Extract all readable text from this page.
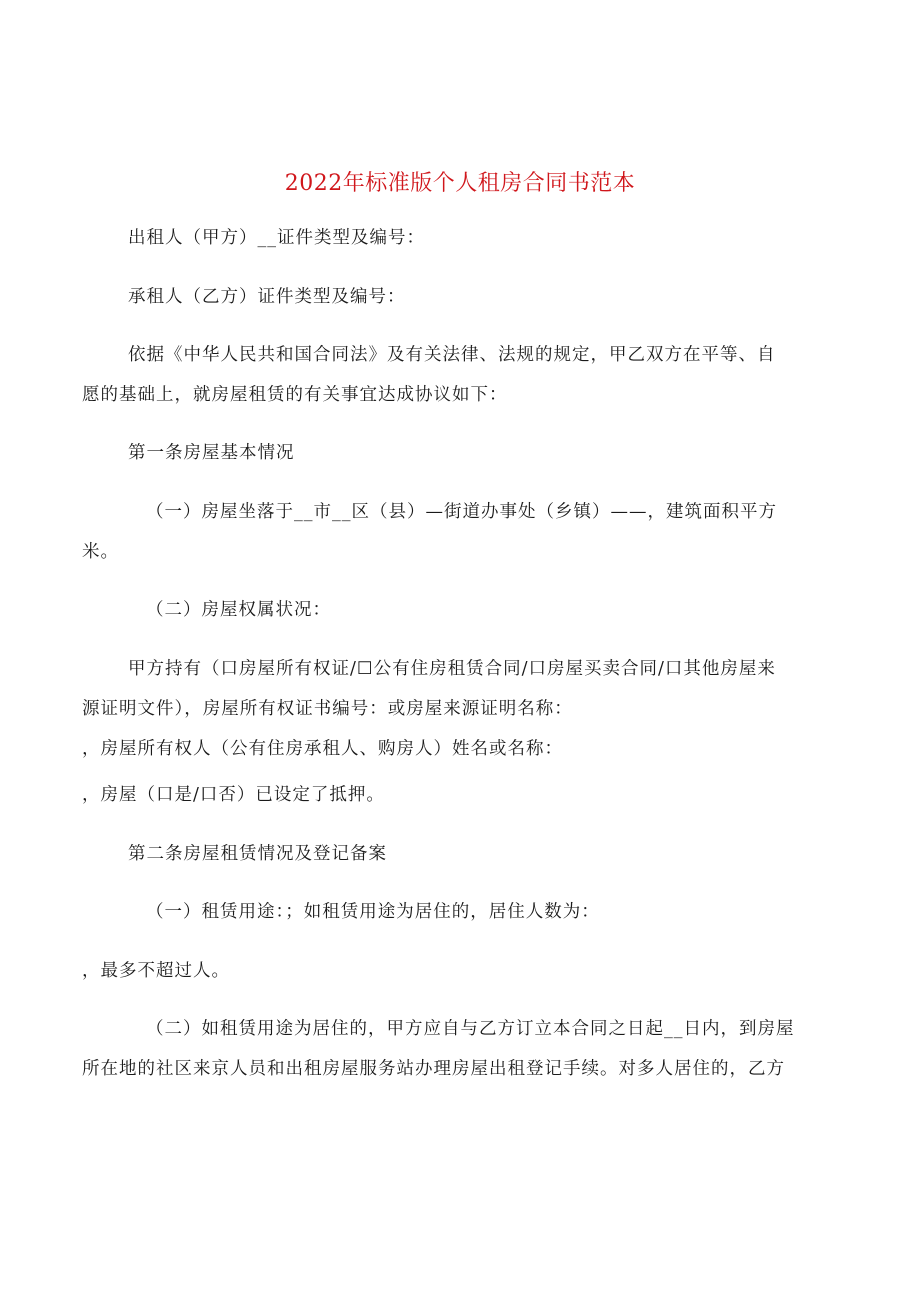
2022年标准版个人租房合同书范本
出租人（甲方）__证件类型及编号：
承租人（乙方）证件类型及编号：
依据《中华人民共和国合同法》及有关法律、法规的规定，甲乙双方在平等、自
愿的基础上，就房屋租赁的有关事宜达成协议如下：
第一条房屋基本情况
（一）房屋坐落于__市__区（县）—街道办事处（乡镇）——，建筑面积平方
米。
（二）房屋权属状况：
甲方持有（口房屋所有权证/☐公有住房租赁合同/口房屋买卖合同/口其他房屋来
源证明文件），房屋所有权证书编号：或房屋来源证明名称：
，房屋所有权人（公有住房承租人、购房人）姓名或名称：
，房屋（口是/口否）已设定了抵押。
第二条房屋租赁情况及登记备案
（一）租赁用途：；如租赁用途为居住的，居住人数为：
，最多不超过人。
（二）如租赁用途为居住的，甲方应自与乙方订立本合同之日起__日内，到房屋
所在地的社区来京人员和出租房屋服务站办理房屋出租登记手续。对多人居住的，乙方
